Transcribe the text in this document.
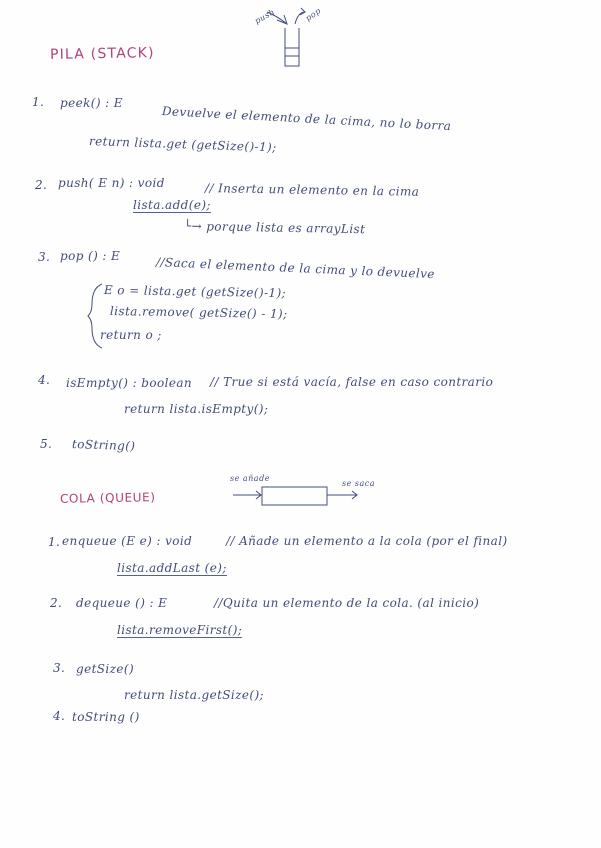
PILA (STACK)
push	pop
1. peek() : E
Devuelve el elemento de la cima, no lo borra
return lista.get (getSize()-1);
2. push( E n) : void	// Inserta un elemento en la cima
lista.add(e);
└→ porque lista es arrayList
3. pop () : E	//Saca el elemento de la cima y lo devuelve
E o = lista.get (getSize()-1);
lista.remove( getSize() - 1);
return o ;
4. isEmpty() : boolean // True si está vacía, false en caso contrario
return lista.isEmpty();
5. toString()
COLA (QUEUE)
se añade
se saca
1. enqueue (E e) : void	// Añade un elemento a la cola (por el final)
lista.addLast (e);
2. dequeue () : E	//Quita un elemento de la cola. (al inicio)
lista.removeFirst();
3. getSize()
return lista.getSize();
4. toString ()
